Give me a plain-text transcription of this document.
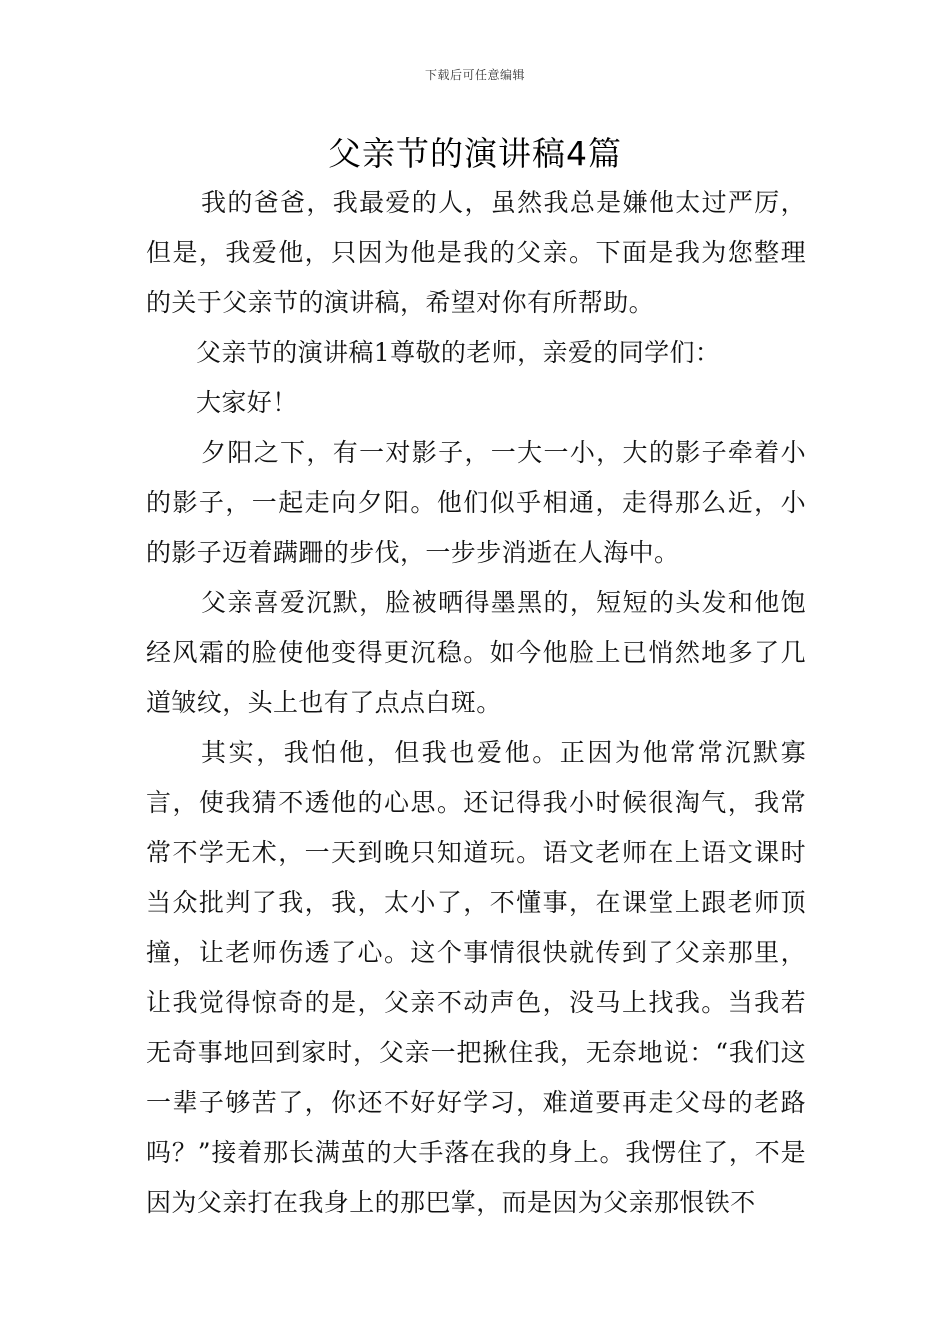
下载后可任意编辑
父亲节的演讲稿4篇

我的爸爸，我最爱的人，虽然我总是嫌他太过严厉，但是，我爱他，只因为他是我的父亲。下面是我为您整理的关于父亲节的演讲稿，希望对你有所帮助。

父亲节的演讲稿1尊敬的老师，亲爱的同学们：

大家好！

夕阳之下，有一对影子，一大一小，大的影子牵着小的影子，一起走向夕阳。他们似乎相通，走得那么近，小的影子迈着蹒跚的步伐，一步步消逝在人海中。

父亲喜爱沉默，脸被晒得墨黑的，短短的头发和他饱经风霜的脸使他变得更沉稳。如今他脸上已悄然地多了几道皱纹，头上也有了点点白斑。

其实，我怕他，但我也爱他。正因为他常常沉默寡言，使我猜不透他的心思。还记得我小时候很淘气，我常常不学无术，一天到晚只知道玩。语文老师在上语文课时当众批判了我，我，太小了，不懂事，在课堂上跟老师顶撞，让老师伤透了心。这个事情很快就传到了父亲那里，让我觉得惊奇的是，父亲不动声色，没马上找我。当我若无奇事地回到家时，父亲一把揪住我，无奈地说：“我们这一辈子够苦了，你还不好好学习，难道要再走父母的老路吗？”接着那长满茧的大手落在我的身上。我愣住了，不是因为父亲打在我身上的那巴掌，而是因为父亲那恨铁不
